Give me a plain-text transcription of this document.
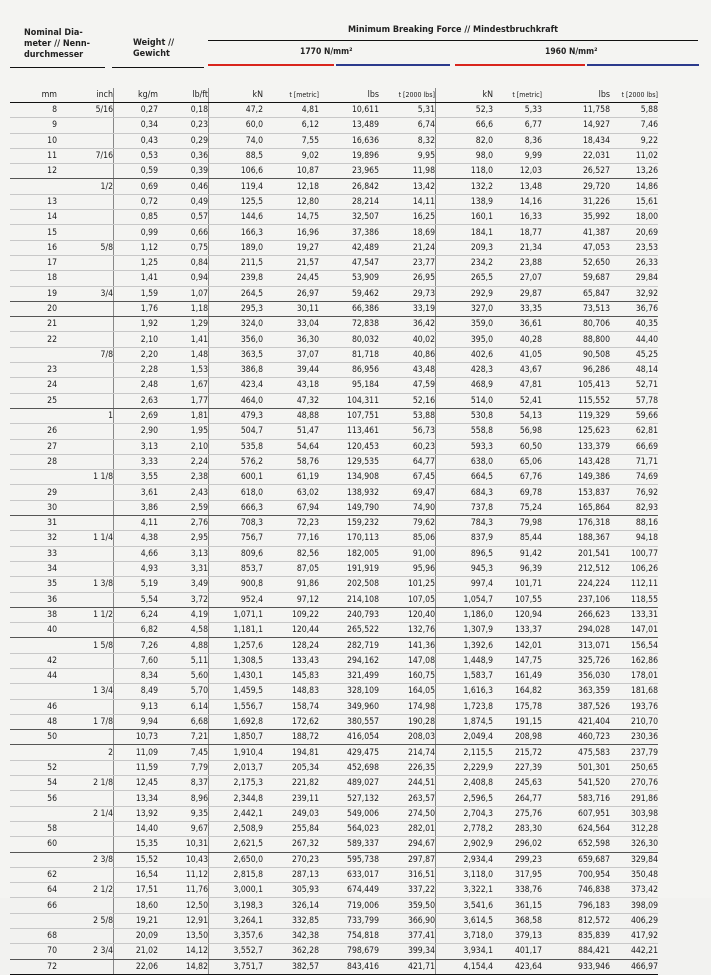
Nominal Dia-
meter // Nenn-
durchmesser
Weight //
Gewicht
Minimum Breaking Force // Mindestbruchkraft
1770 N/mm²	1960 N/mm²
mm	inch	kg/m	lb/ft	kN	t [metric]	lbs	t [2000 lbs]	kN	t [metric]	lbs	t [2000 lbs]
8	5/16	0,27	0,18	47,2	4,81	10,611	5,31	52,3	5,33	11,758	5,88
9		0,34	0,23	60,0	6,12	13,489	6,74	66,6	6,77	14,927	7,46
10		0,43	0,29	74,0	7,55	16,636	8,32	82,0	8,36	18,434	9,22
11	7/16	0,53	0,36	88,5	9,02	19,896	9,95	98,0	9,99	22,031	11,02
12		0,59	0,39	106,6	10,87	23,965	11,98	118,0	12,03	26,527	13,26
	1/2	0,69	0,46	119,4	12,18	26,842	13,42	132,2	13,48	29,720	14,86
13		0,72	0,49	125,5	12,80	28,214	14,11	138,9	14,16	31,226	15,61
14		0,85	0,57	144,6	14,75	32,507	16,25	160,1	16,33	35,992	18,00
15		0,99	0,66	166,3	16,96	37,386	18,69	184,1	18,77	41,387	20,69
16	5/8	1,12	0,75	189,0	19,27	42,489	21,24	209,3	21,34	47,053	23,53
17		1,25	0,84	211,5	21,57	47,547	23,77	234,2	23,88	52,650	26,33
18		1,41	0,94	239,8	24,45	53,909	26,95	265,5	27,07	59,687	29,84
19	3/4	1,59	1,07	264,5	26,97	59,462	29,73	292,9	29,87	65,847	32,92
20		1,76	1,18	295,3	30,11	66,386	33,19	327,0	33,35	73,513	36,76
21		1,92	1,29	324,0	33,04	72,838	36,42	359,0	36,61	80,706	40,35
22		2,10	1,41	356,0	36,30	80,032	40,02	395,0	40,28	88,800	44,40
	7/8	2,20	1,48	363,5	37,07	81,718	40,86	402,6	41,05	90,508	45,25
23		2,28	1,53	386,8	39,44	86,956	43,48	428,3	43,67	96,286	48,14
24		2,48	1,67	423,4	43,18	95,184	47,59	468,9	47,81	105,413	52,71
25		2,63	1,77	464,0	47,32	104,311	52,16	514,0	52,41	115,552	57,78
	1	2,69	1,81	479,3	48,88	107,751	53,88	530,8	54,13	119,329	59,66
26		2,90	1,95	504,7	51,47	113,461	56,73	558,8	56,98	125,623	62,81
27		3,13	2,10	535,8	54,64	120,453	60,23	593,3	60,50	133,379	66,69
28		3,33	2,24	576,2	58,76	129,535	64,77	638,0	65,06	143,428	71,71
	1 1/8	3,55	2,38	600,1	61,19	134,908	67,45	664,5	67,76	149,386	74,69
29		3,61	2,43	618,0	63,02	138,932	69,47	684,3	69,78	153,837	76,92
30		3,86	2,59	666,3	67,94	149,790	74,90	737,8	75,24	165,864	82,93
31		4,11	2,76	708,3	72,23	159,232	79,62	784,3	79,98	176,318	88,16
32	1 1/4	4,38	2,95	756,7	77,16	170,113	85,06	837,9	85,44	188,367	94,18
33		4,66	3,13	809,6	82,56	182,005	91,00	896,5	91,42	201,541	100,77
34		4,93	3,31	853,7	87,05	191,919	95,96	945,3	96,39	212,512	106,26
35	1 3/8	5,19	3,49	900,8	91,86	202,508	101,25	997,4	101,71	224,224	112,11
36		5,54	3,72	952,4	97,12	214,108	107,05	1,054,7	107,55	237,106	118,55
38	1 1/2	6,24	4,19	1,071,1	109,22	240,793	120,40	1,186,0	120,94	266,623	133,31
40		6,82	4,58	1,181,1	120,44	265,522	132,76	1,307,9	133,37	294,028	147,01
	1 5/8	7,26	4,88	1,257,6	128,24	282,719	141,36	1,392,6	142,01	313,071	156,54
42		7,60	5,11	1,308,5	133,43	294,162	147,08	1,448,9	147,75	325,726	162,86
44		8,34	5,60	1,430,1	145,83	321,499	160,75	1,583,7	161,49	356,030	178,01
	1 3/4	8,49	5,70	1,459,5	148,83	328,109	164,05	1,616,3	164,82	363,359	181,68
46		9,13	6,14	1,556,7	158,74	349,960	174,98	1,723,8	175,78	387,526	193,76
48	1 7/8	9,94	6,68	1,692,8	172,62	380,557	190,28	1,874,5	191,15	421,404	210,70
50		10,73	7,21	1,850,7	188,72	416,054	208,03	2,049,4	208,98	460,723	230,36
	2	11,09	7,45	1,910,4	194,81	429,475	214,74	2,115,5	215,72	475,583	237,79
52		11,59	7,79	2,013,7	205,34	452,698	226,35	2,229,9	227,39	501,301	250,65
54	2 1/8	12,45	8,37	2,175,3	221,82	489,027	244,51	2,408,8	245,63	541,520	270,76
56		13,34	8,96	2,344,8	239,11	527,132	263,57	2,596,5	264,77	583,716	291,86
	2 1/4	13,92	9,35	2,442,1	249,03	549,006	274,50	2,704,3	275,76	607,951	303,98
58		14,40	9,67	2,508,9	255,84	564,023	282,01	2,778,2	283,30	624,564	312,28
60		15,35	10,31	2,621,5	267,32	589,337	294,67	2,902,9	296,02	652,598	326,30
	2 3/8	15,52	10,43	2,650,0	270,23	595,738	297,87	2,934,4	299,23	659,687	329,84
62		16,54	11,12	2,815,8	287,13	633,017	316,51	3,118,0	317,95	700,954	350,48
64	2 1/2	17,51	11,76	3,000,1	305,93	674,449	337,22	3,322,1	338,76	746,838	373,42
66		18,60	12,50	3,198,3	326,14	719,006	359,50	3,541,6	361,15	796,183	398,09
	2 5/8	19,21	12,91	3,264,1	332,85	733,799	366,90	3,614,5	368,58	812,572	406,29
68		20,09	13,50	3,357,6	342,38	754,818	377,41	3,718,0	379,13	835,839	417,92
70	2 3/4	21,02	14,12	3,552,7	362,28	798,679	399,34	3,934,1	401,17	884,421	442,21
72		22,06	14,82	3,751,7	382,57	843,416	421,71	4,154,4	423,64	933,946	466,97
